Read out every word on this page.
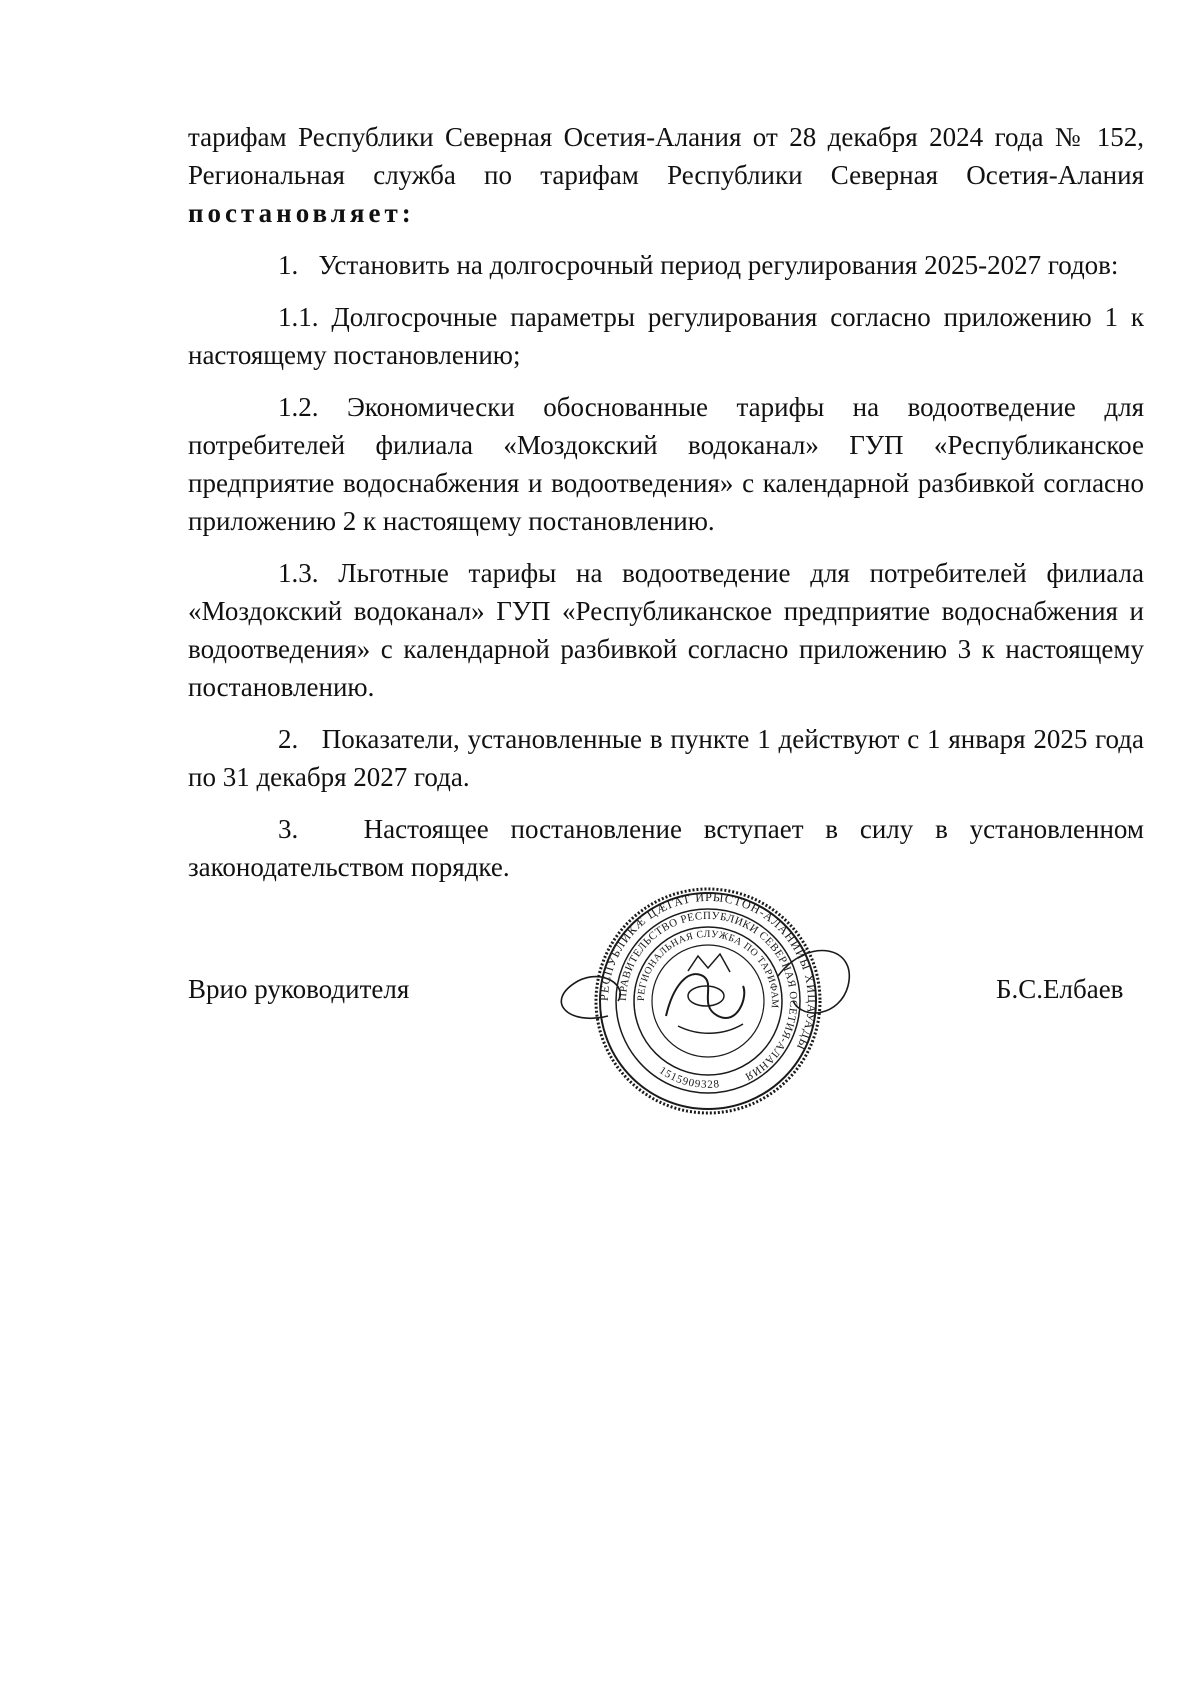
тарифам Республики Северная Осетия-Алания от 28 декабря 2024 года № 152, Региональная служба по тарифам Республики Северная Осетия-Алания постановляет:

1.   Установить на долгосрочный период регулирования 2025-2027 годов:

1.1. Долгосрочные параметры регулирования согласно приложению 1 к настоящему постановлению;

1.2. Экономически обоснованные тарифы на водоотведение для потребителей филиала «Моздокский водоканал» ГУП «Республиканское предприятие водоснабжения и водоотведения» с календарной разбивкой согласно приложению 2 к настоящему постановлению.

1.3. Льготные тарифы на водоотведение для потребителей филиала «Моздокский водоканал» ГУП «Республиканское предприятие водоснабжения и водоотведения» с календарной разбивкой согласно приложению 3 к настоящему постановлению.

2.   Показатели, установленные в пункте 1 действуют с 1 января 2025 года по 31 декабря 2027 года.

3.   Настоящее постановление вступает в силу в установленном законодательством порядке.

Врио руководителя	Б.С.Елбаев
РЕСПУБЛИКÆ ЦÆГАТ ИРЫСТОН-АЛАНИЙЫ ХИЦАУАДЫ
ПРАВИТЕЛЬСТВО РЕСПУБЛИКИ СЕВЕРНАЯ ОСЕТИЯ-АЛАНИЯ
РЕГИОНАЛЬНАЯ СЛУЖБА ПО ТАРИФАМ
1515909328
